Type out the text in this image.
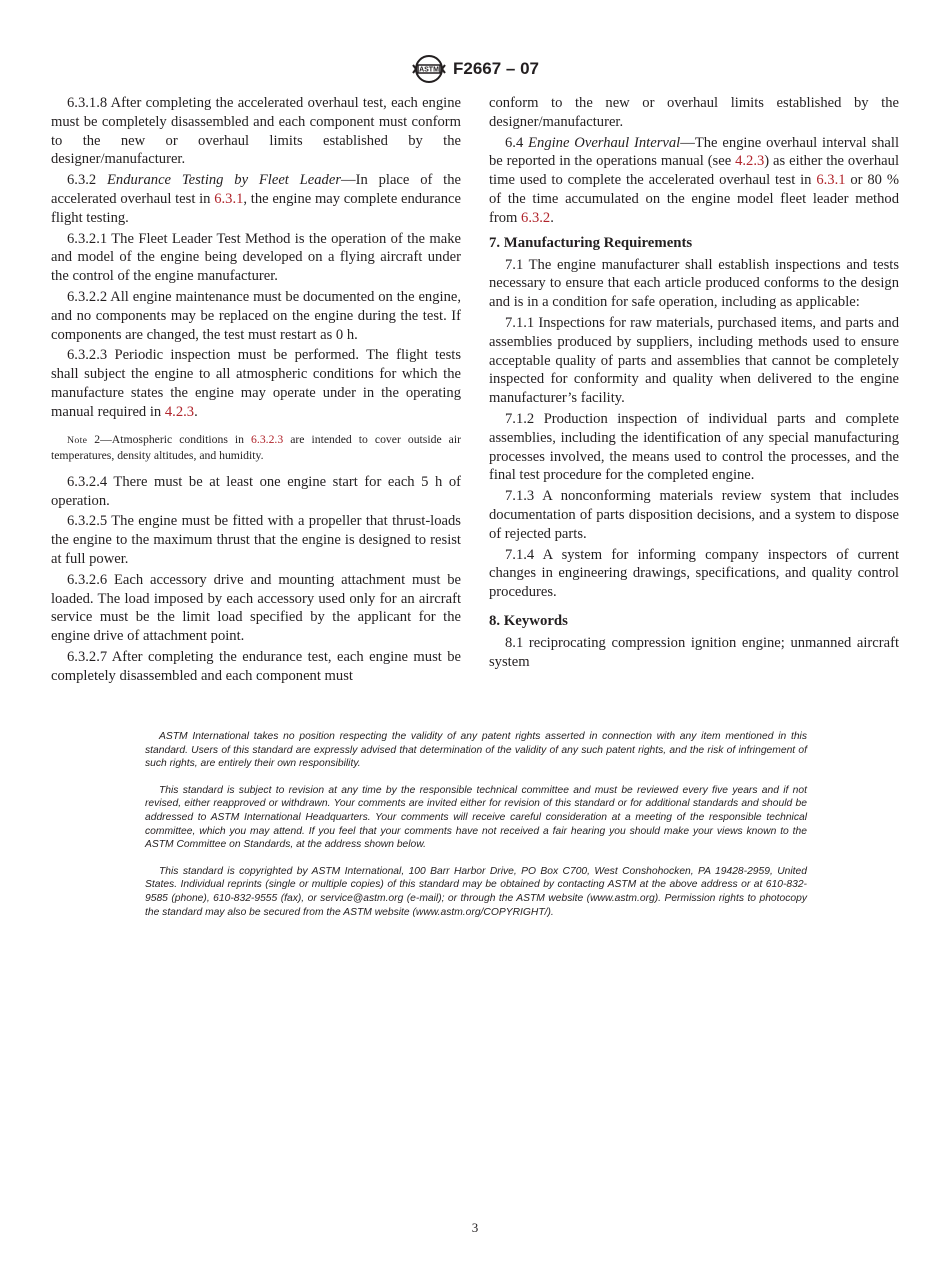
ASTM F2667 – 07

6.3.1.8 After completing the accelerated overhaul test, each engine must be completely disassembled and each component must conform to the new or overhaul limits established by the designer/manufacturer.

6.3.2 Endurance Testing by Fleet Leader—In place of the accelerated overhaul test in 6.3.1, the engine may complete endurance flight testing.

6.3.2.1 The Fleet Leader Test Method is the operation of the make and model of the engine being developed on a flying aircraft under the control of the engine manufacturer.

6.3.2.2 All engine maintenance must be documented on the engine, and no components may be replaced on the engine during the test. If components are changed, the test must restart as 0 h.

6.3.2.3 Periodic inspection must be performed. The flight tests shall subject the engine to all atmospheric conditions for which the manufacture states the engine may operate under in the operating manual required in 4.2.3.

Note 2—Atmospheric conditions in 6.3.2.3 are intended to cover outside air temperatures, density altitudes, and humidity.

6.3.2.4 There must be at least one engine start for each 5 h of operation.

6.3.2.5 The engine must be fitted with a propeller that thrust-loads the engine to the maximum thrust that the engine is designed to resist at full power.

6.3.2.6 Each accessory drive and mounting attachment must be loaded. The load imposed by each accessory used only for an aircraft service must be the limit load specified by the applicant for the engine drive of attachment point.

6.3.2.7 After completing the endurance test, each engine must be completely disassembled and each component must

conform to the new or overhaul limits established by the designer/manufacturer.

6.4 Engine Overhaul Interval—The engine overhaul interval shall be reported in the operations manual (see 4.2.3) as either the overhaul time used to complete the accelerated overhaul test in 6.3.1 or 80 % of the time accumulated on the engine model fleet leader method from 6.3.2.

7. Manufacturing Requirements

7.1 The engine manufacturer shall establish inspections and tests necessary to ensure that each article produced conforms to the design and is in a condition for safe operation, including as applicable:

7.1.1 Inspections for raw materials, purchased items, and parts and assemblies produced by suppliers, including methods used to ensure acceptable quality of parts and assemblies that cannot be completely inspected for conformity and quality when delivered to the engine manufacturer’s facility.

7.1.2 Production inspection of individual parts and complete assemblies, including the identification of any special manufacturing processes involved, the means used to control the processes, and the final test procedure for the completed engine.

7.1.3 A nonconforming materials review system that includes documentation of parts disposition decisions, and a system to dispose of rejected parts.

7.1.4 A system for informing company inspectors of current changes in engineering drawings, specifications, and quality control procedures.

8. Keywords

8.1 reciprocating compression ignition engine; unmanned aircraft system

ASTM International takes no position respecting the validity of any patent rights asserted in connection with any item mentioned in this standard. Users of this standard are expressly advised that determination of the validity of any such patent rights, and the risk of infringement of such rights, are entirely their own responsibility.

This standard is subject to revision at any time by the responsible technical committee and must be reviewed every five years and if not revised, either reapproved or withdrawn. Your comments are invited either for revision of this standard or for additional standards and should be addressed to ASTM International Headquarters. Your comments will receive careful consideration at a meeting of the responsible technical committee, which you may attend. If you feel that your comments have not received a fair hearing you should make your views known to the ASTM Committee on Standards, at the address shown below.

This standard is copyrighted by ASTM International, 100 Barr Harbor Drive, PO Box C700, West Conshohocken, PA 19428-2959, United States. Individual reprints (single or multiple copies) of this standard may be obtained by contacting ASTM at the above address or at 610-832-9585 (phone), 610-832-9555 (fax), or service@astm.org (e-mail); or through the ASTM website (www.astm.org). Permission rights to photocopy the standard may also be secured from the ASTM website (www.astm.org/COPYRIGHT/).

3
